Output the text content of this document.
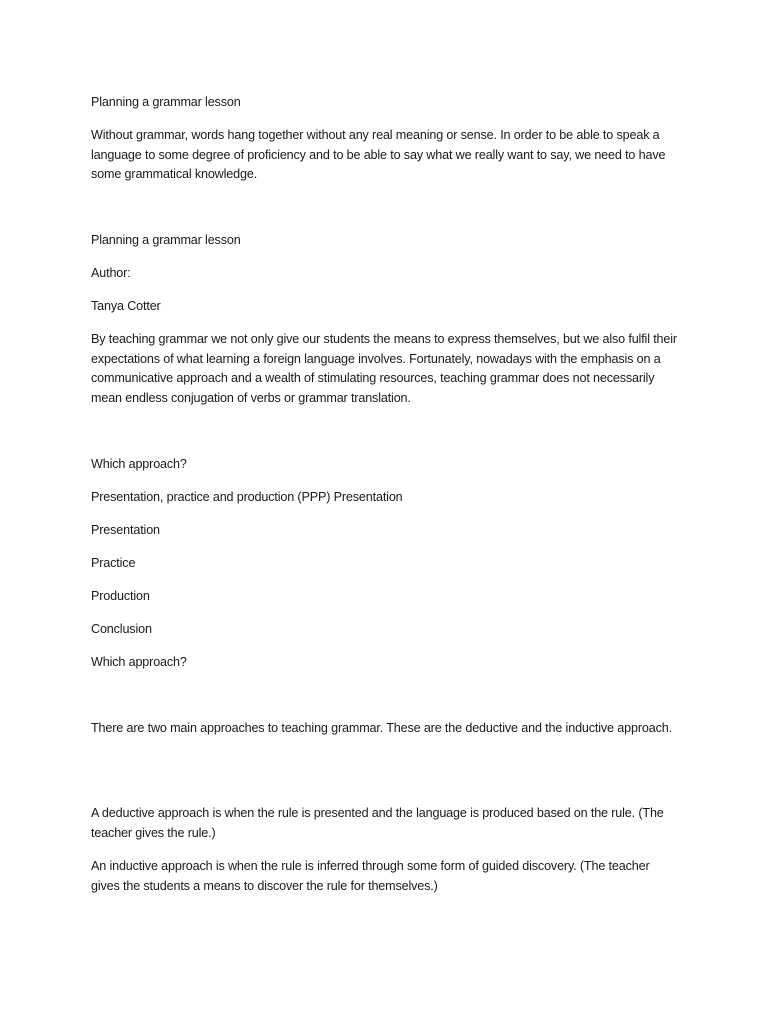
Planning a grammar lesson

Without grammar, words hang together without any real meaning or sense. In order to be able to speak a language to some degree of proficiency and to be able to say what we really want to say, we need to have some grammatical knowledge.

Planning a grammar lesson

Author:

Tanya Cotter

By teaching grammar we not only give our students the means to express themselves, but we also fulfil their expectations of what learning a foreign language involves. Fortunately, nowadays with the emphasis on a communicative approach and a wealth of stimulating resources, teaching grammar does not necessarily mean endless conjugation of verbs or grammar translation.

Which approach?

Presentation, practice and production (PPP) Presentation

Presentation

Practice

Production

Conclusion

Which approach?

There are two main approaches to teaching grammar. These are the deductive and the inductive approach.

A deductive approach is when the rule is presented and the language is produced based on the rule. (The teacher gives the rule.)

An inductive approach is when the rule is inferred through some form of guided discovery. (The teacher gives the students a means to discover the rule for themselves.)
